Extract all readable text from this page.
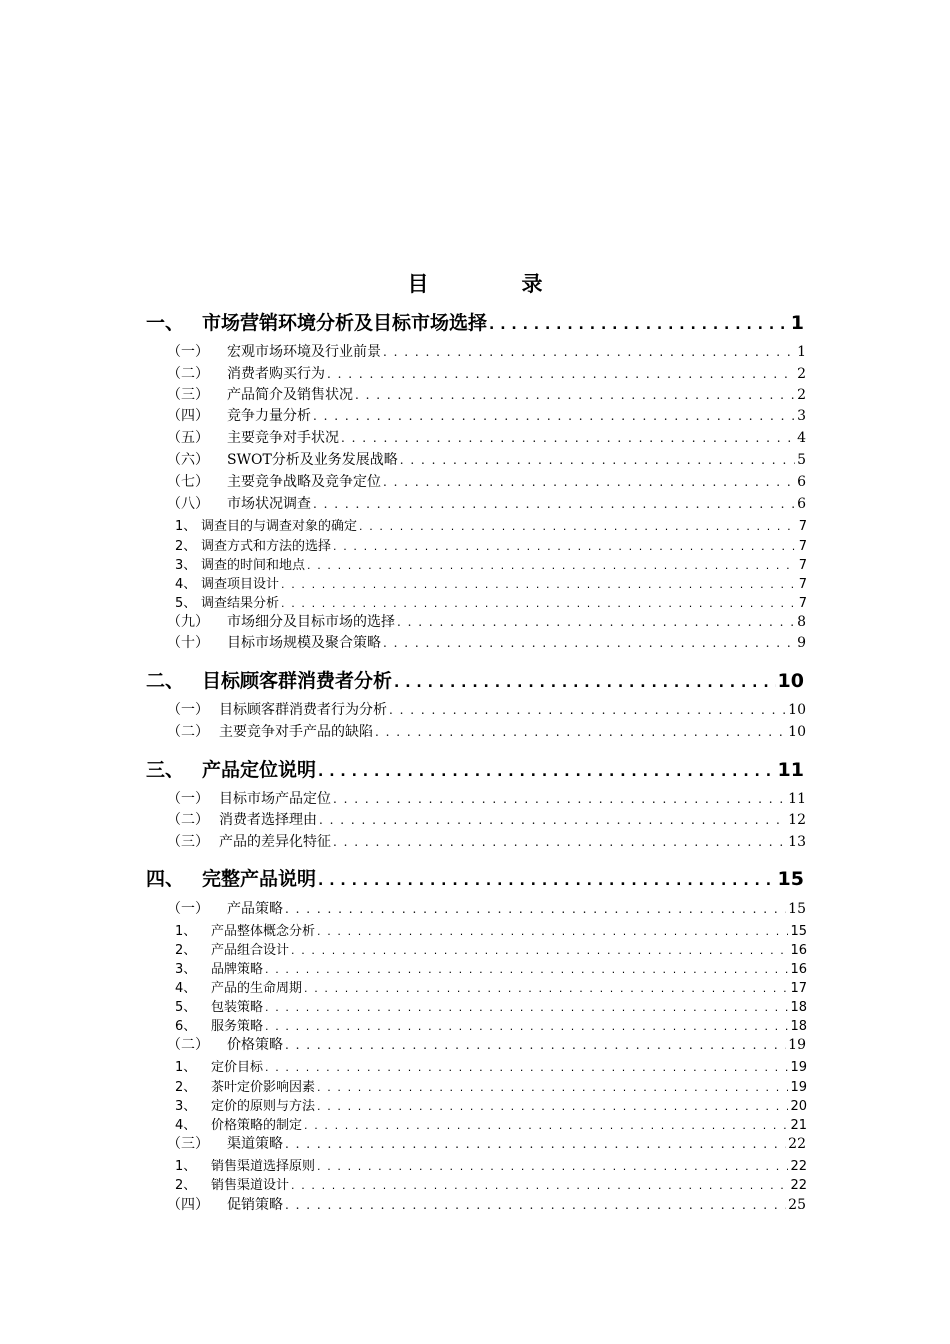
目　录
一、 市场营销环境分析及目标市场选择 . . .	1
（一）	宏观市场环境及行业前景 . . .	1
（二）	消费者购买行为 . . .	2
（三）	产品简介及销售状况 . . .	2
（四）	竞争力量分析 . . .	3
（五）	主要竞争对手状况 . . .	4
（六）	SWOT分析及业务发展战略 . . .	5
（七）	主要竞争战略及竞争定位 . . .	6
（八）	市场状况调查 . . .	6
1、 调查目的与调查对象的确定 . . .	7
2、 调查方式和方法的选择 . . .	7
3、 调查的时间和地点 . . .	7
4、 调查项目设计 . . .	7
5、 调查结果分析 . . .	7
（九）	市场细分及目标市场的选择 . . .	8
（十）	目标市场规模及聚合策略 . . .	9
二、 目标顾客群消费者分析 . . .	10
（一） 目标顾客群消费者行为分析 . . .	10
（二） 主要竞争对手产品的缺陷 . . .	10
三、 产品定位说明 . . .	11
（一） 目标市场产品定位 . . .	11
（二） 消费者选择理由 . . .	12
（三） 产品的差异化特征 . . .	13
四、 完整产品说明 . . .	15
（一）	产品策略 . . .	15
1、	产品整体概念分析 . . .	15
2、	产品组合设计 . . .	16
3、	品牌策略 . . .	16
4、	产品的生命周期 . . .	17
5、	包装策略 . . .	18
6、	服务策略 . . .	18
（二）	价格策略 . . .	19
1、	定价目标 . . .	19
2、	茶叶定价影响因素 . . .	19
3、	定价的原则与方法 . . .	20
4、	价格策略的制定 . . .	21
（三）	渠道策略 . . .	22
1、	销售渠道选择原则 . . .	22
2、	销售渠道设计 . . .	22
（四）	促销策略 . . .	25
